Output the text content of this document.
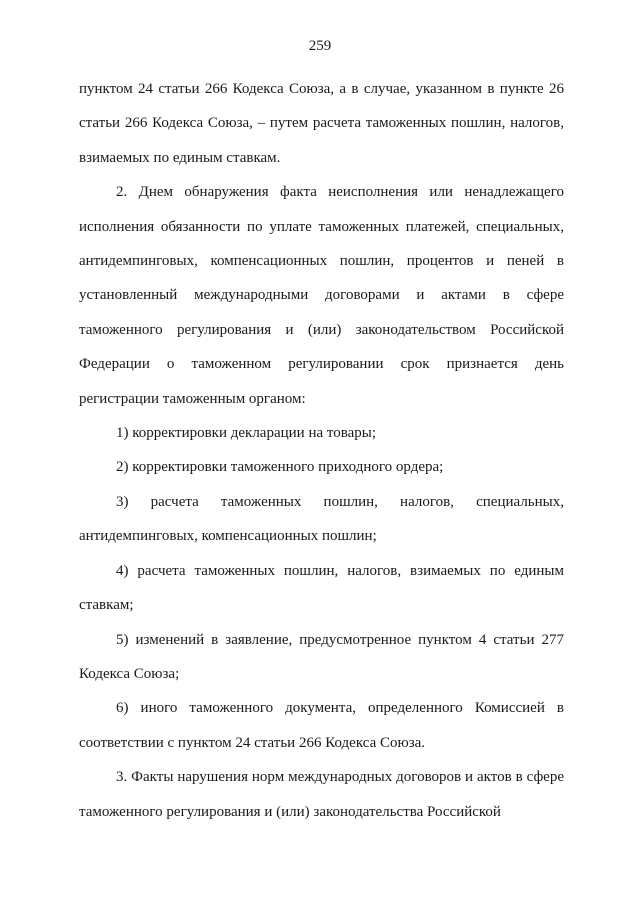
259

пунктом 24 статьи 266 Кодекса Союза, а в случае, указанном в пункте 26 статьи 266 Кодекса Союза, – путем расчета таможенных пошлин, налогов, взимаемых по единым ставкам.

2. Днем обнаружения факта неисполнения или ненадлежащего исполнения обязанности по уплате таможенных платежей, специальных, антидемпинговых, компенсационных пошлин, процентов и пеней в установленный международными договорами и актами в сфере таможенного регулирования и (или) законодательством Российской Федерации о таможенном регулировании срок признается день регистрации таможенным органом:

1) корректировки декларации на товары;

2) корректировки таможенного приходного ордера;

3) расчета таможенных пошлин, налогов, специальных, антидемпинговых, компенсационных пошлин;

4) расчета таможенных пошлин, налогов, взимаемых по единым ставкам;

5) изменений в заявление, предусмотренное пунктом 4 статьи 277 Кодекса Союза;

6) иного таможенного документа, определенного Комиссией в соответствии с пунктом 24 статьи 266 Кодекса Союза.

3. Факты нарушения норм международных договоров и актов в сфере таможенного регулирования и (или) законодательства Российской
